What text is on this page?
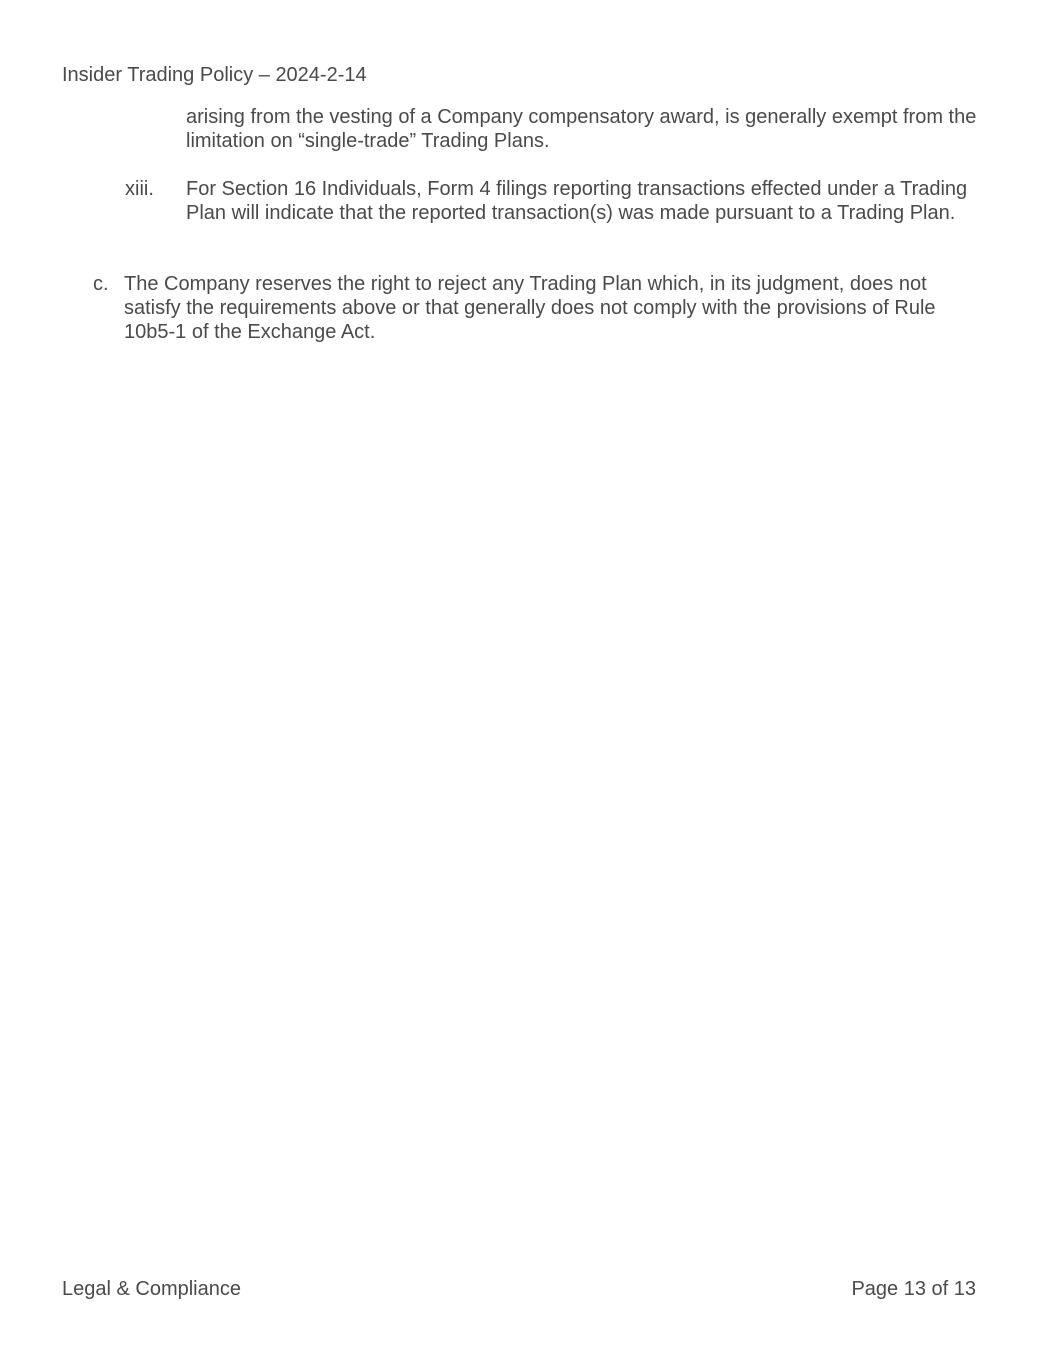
Insider Trading Policy – 2024-2-14
arising from the vesting of a Company compensatory award, is generally exempt from the limitation on “single-trade” Trading Plans.
xiii. For Section 16 Individuals, Form 4 filings reporting transactions effected under a Trading Plan will indicate that the reported transaction(s) was made pursuant to a Trading Plan.
c. The Company reserves the right to reject any Trading Plan which, in its judgment, does not satisfy the requirements above or that generally does not comply with the provisions of Rule 10b5-1 of the Exchange Act.
Legal & Compliance	Page 13 of 13
